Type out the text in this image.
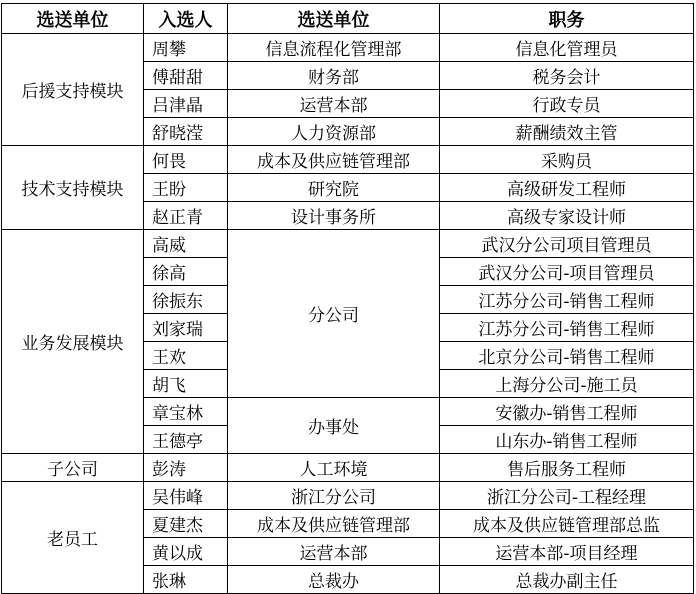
选送单位	入选人	选送单位	职务
后援支持模块	周攀	信息流程化管理部	信息化管理员
	傅甜甜	财务部	税务会计
	吕津晶	运营本部	行政专员
	舒晓滢	人力资源部	薪酬绩效主管
技术支持模块	何畏	成本及供应链管理部	采购员
	王盼	研究院	高级研发工程师
	赵正青	设计事务所	高级专家设计师
业务发展模块	高威	分公司	武汉分公司项目管理员
	徐高		武汉分公司-项目管理员
	徐振东		江苏分公司-销售工程师
	刘家瑞		江苏分公司-销售工程师
	王欢		北京分公司-销售工程师
	胡飞		上海分公司-施工员
	章宝林	办事处	安徽办-销售工程师
	王德亭		山东办-销售工程师
子公司	彭涛	人工环境	售后服务工程师
老员工	吴伟峰	浙江分公司	浙江分公司-工程经理
	夏建杰	成本及供应链管理部	成本及供应链管理部总监
	黄以成	运营本部	运营本部-项目经理
	张琳	总裁办	总裁办副主任
